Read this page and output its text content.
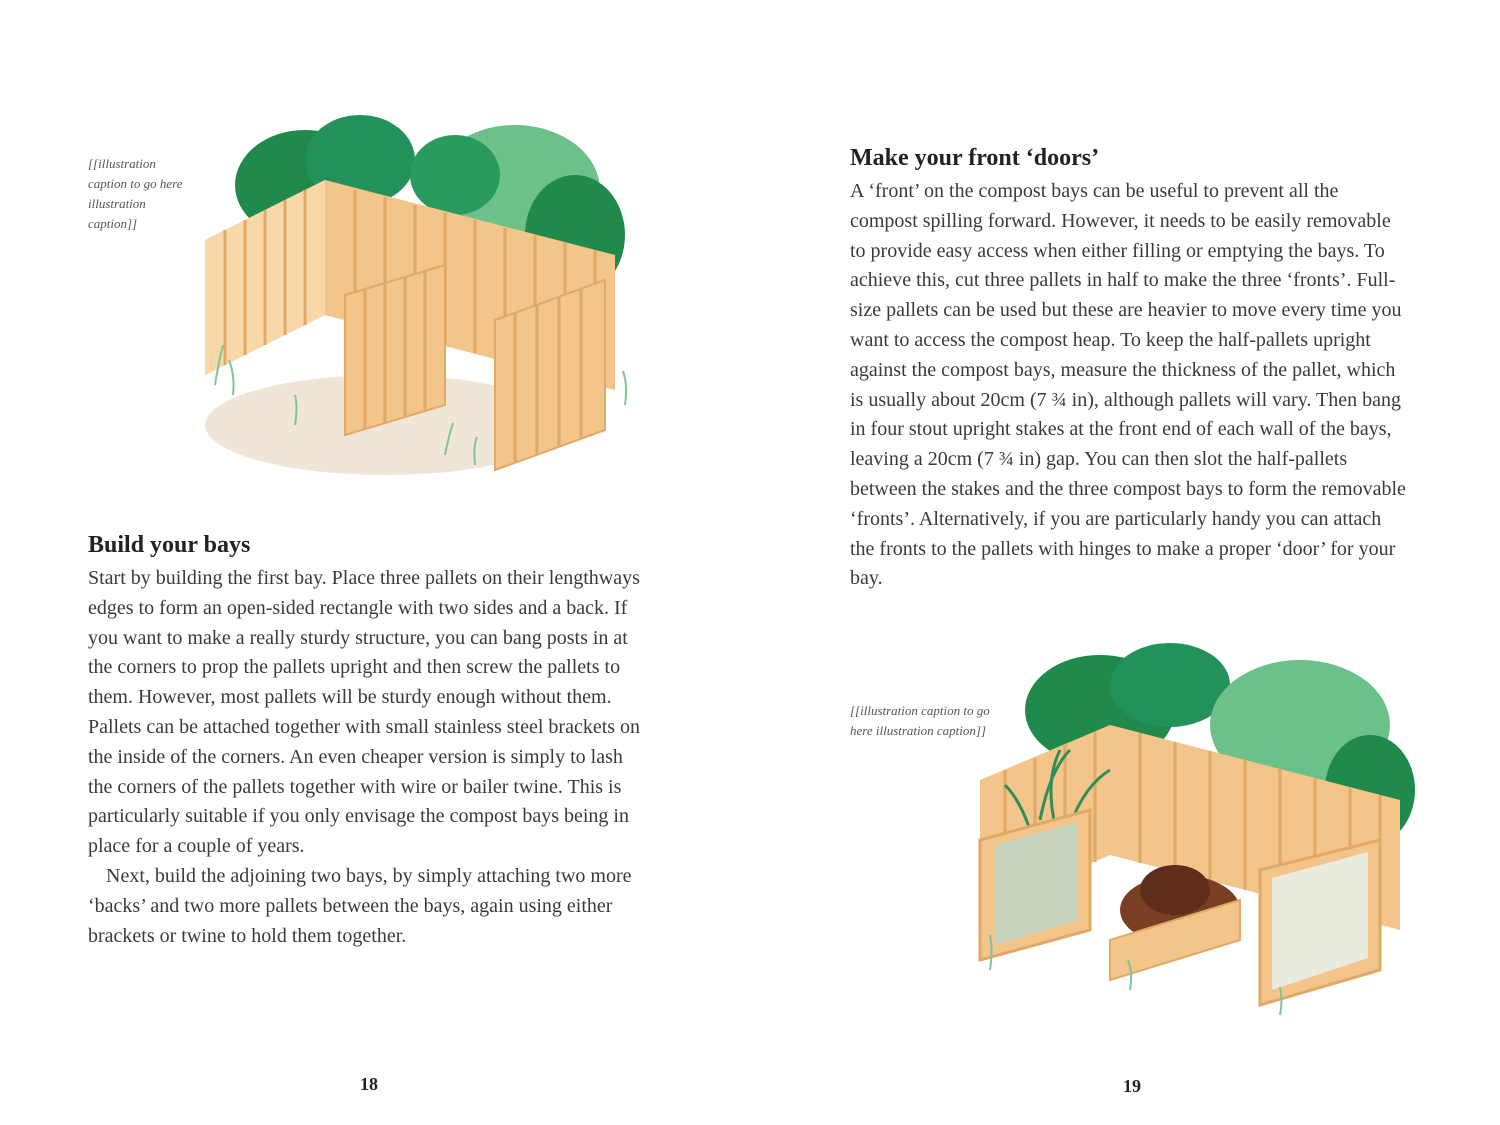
[[illustration caption to go here illustration caption]]
Build your bays

Start by building the first bay. Place three pallets on their lengthways edges to form an open-sided rectangle with two sides and a back. If you want to make a really sturdy structure, you can bang posts in at the corners to prop the pallets upright and then screw the pallets to them. However, most pallets will be sturdy enough without them. Pallets can be attached together with small stainless steel brackets on the inside of the corners. An even cheaper version is simply to lash the corners of the pallets together with wire or bailer twine. This is particularly suitable if you only envisage the compost bays being in place for a couple of years.

Next, build the adjoining two bays, by simply attaching two more ‘backs’ and two more pallets between the bays, again using either brackets or twine to hold them together.

18
Make your front ‘doors’

A ‘front’ on the compost bays can be useful to prevent all the compost spilling forward. However, it needs to be easily removable to provide easy access when either filling or emptying the bays. To achieve this, cut three pallets in half to make the three ‘fronts’. Full-size pallets can be used but these are heavier to move every time you want to access the compost heap. To keep the half-pallets upright against the compost bays, measure the thickness of the pallet, which is usually about 20cm (7 ¾ in), although pallets will vary. Then bang in four stout upright stakes at the front end of each wall of the bays, leaving a 20cm (7 ¾ in) gap. You can then slot the half-pallets between the stakes and the three compost bays to form the removable ‘fronts’. Alternatively, if you are particularly handy you can attach the fronts to the pallets with hinges to make a proper ‘door’ for your bay.

[[illustration caption to go here illustration caption]]
19
